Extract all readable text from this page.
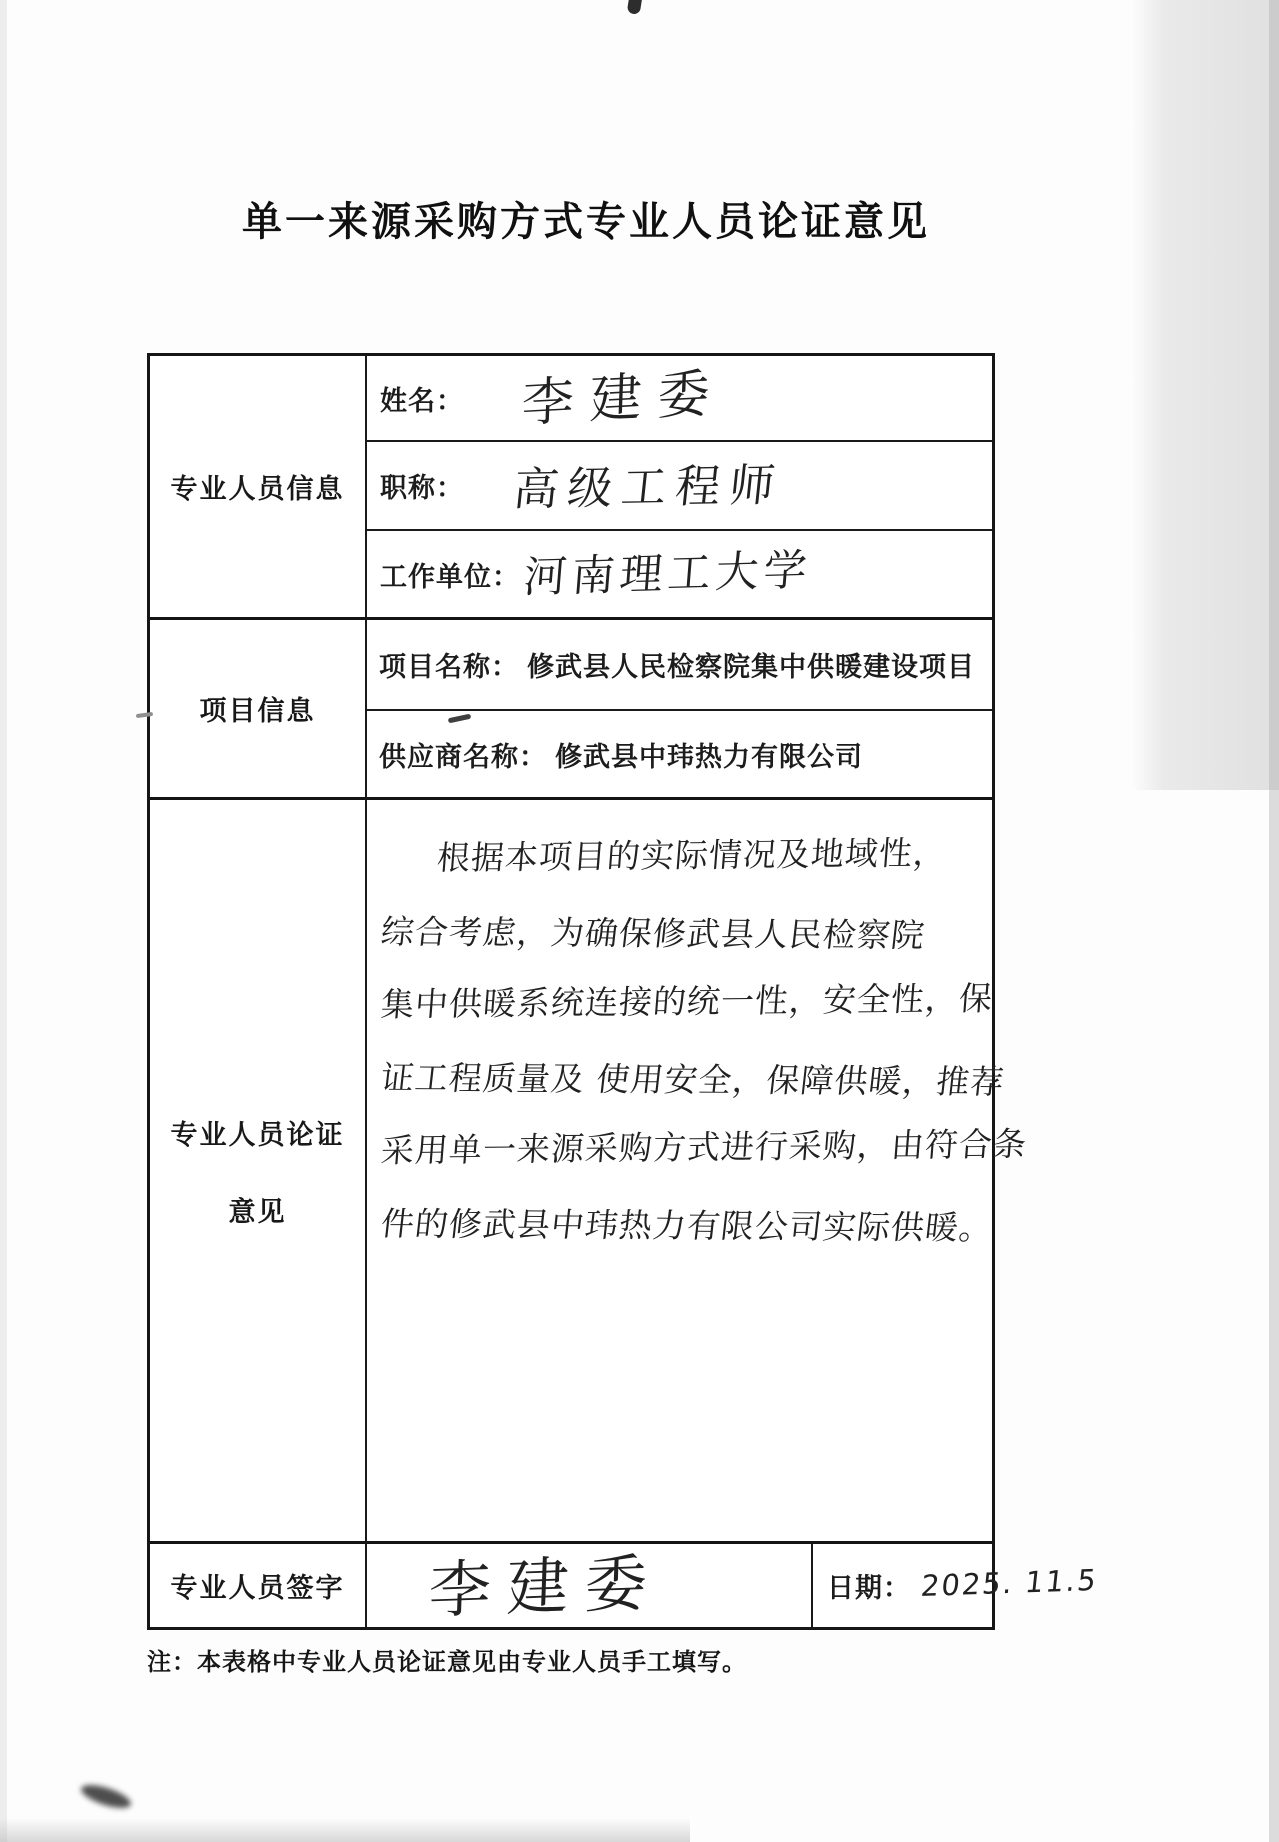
单一来源采购方式专业人员论证意见
专业人员信息
姓名： 李建委
职称： 高级工程师
工作单位： 河南理工大学
项目信息
项目名称： 修武县人民检察院集中供暖建设项目
供应商名称： 修武县中玮热力有限公司
专业人员论证
意见
根据本项目的实际情况及地域性，
综合考虑，为确保修武县人民检察院
集中供暖系统连接的统一性，安全性，保
证工程质量及 使用安全，保障供暖，推荐
采用单一来源采购方式进行采购，由符合条
件的修武县中玮热力有限公司实际供暖。
专业人员签字 李建委	日期： 2025. 11.5
注：本表格中专业人员论证意见由专业人员手工填写。
